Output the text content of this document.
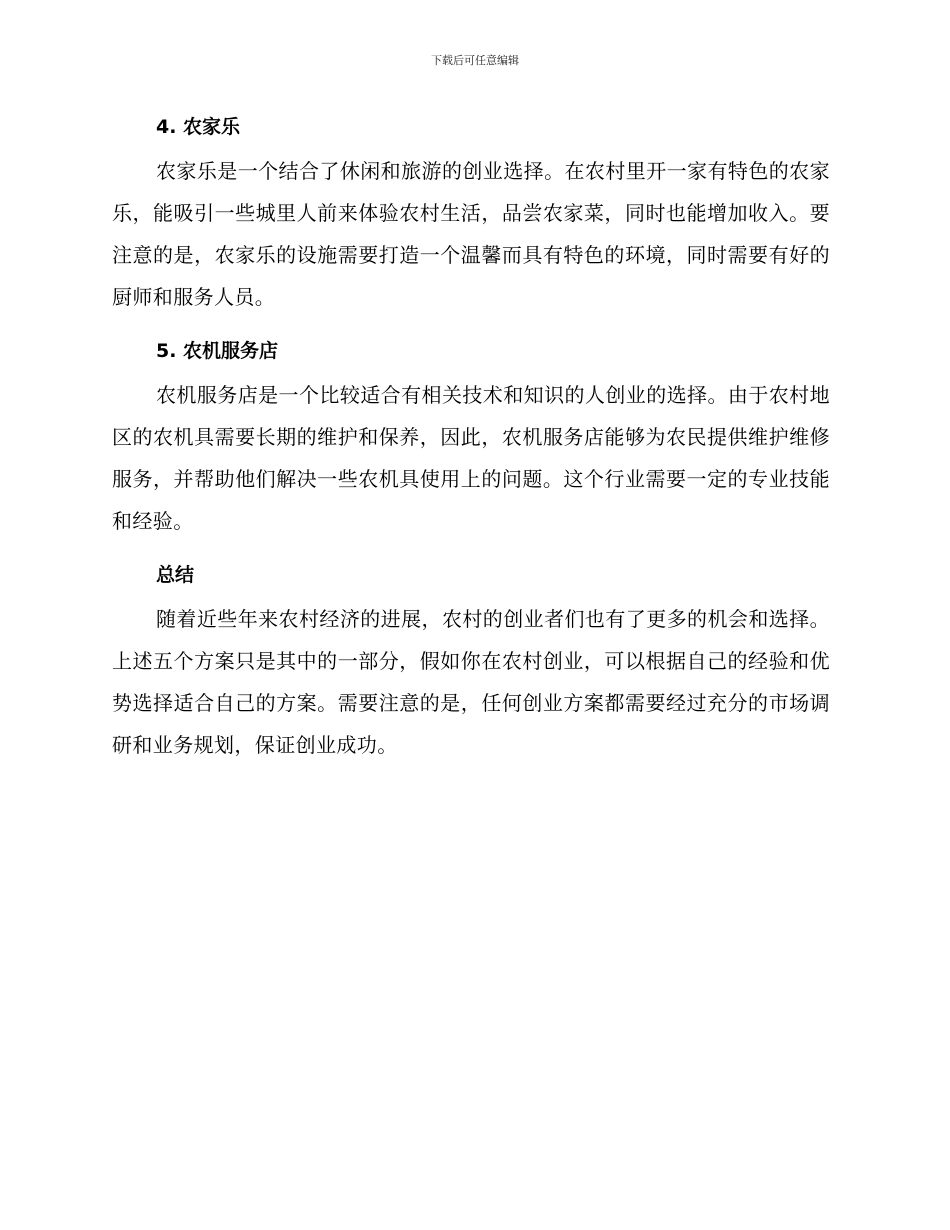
下载后可任意编辑
4. 农家乐

农家乐是一个结合了休闲和旅游的创业选择。在农村里开一家有特色的农家乐，能吸引一些城里人前来体验农村生活，品尝农家菜，同时也能增加收入。要注意的是，农家乐的设施需要打造一个温馨而具有特色的环境，同时需要有好的厨师和服务人员。

5. 农机服务店

农机服务店是一个比较适合有相关技术和知识的人创业的选择。由于农村地区的农机具需要长期的维护和保养，因此，农机服务店能够为农民提供维护维修服务，并帮助他们解决一些农机具使用上的问题。这个行业需要一定的专业技能和经验。

总结

随着近些年来农村经济的进展，农村的创业者们也有了更多的机会和选择。上述五个方案只是其中的一部分，假如你在农村创业，可以根据自己的经验和优势选择适合自己的方案。需要注意的是，任何创业方案都需要经过充分的市场调研和业务规划，保证创业成功。
